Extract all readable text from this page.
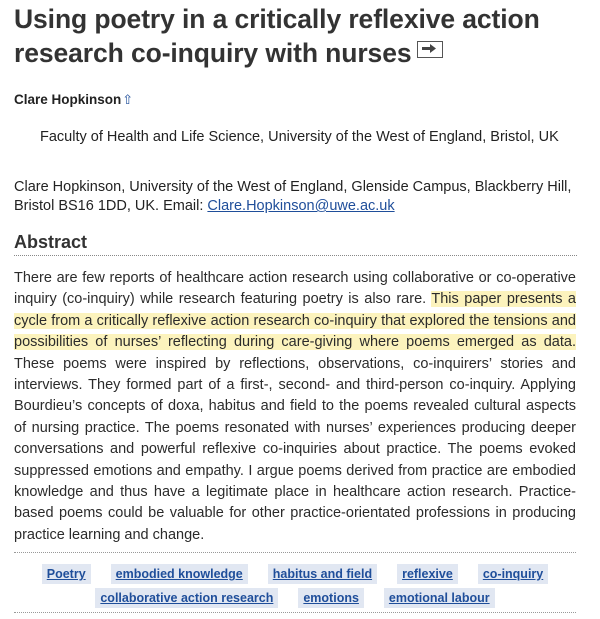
Using poetry in a critically reflexive action research co-inquiry with nurses
Clare Hopkinson⇧
Faculty of Health and Life Science, University of the West of England, Bristol, UK
Clare Hopkinson, University of the West of England, Glenside Campus, Blackberry Hill, Bristol BS16 1DD, UK. Email: Clare.Hopkinson@uwe.ac.uk
Abstract

There are few reports of healthcare action research using collaborative or co-operative inquiry (co-inquiry) while research featuring poetry is also rare. This paper presents a cycle from a critically reflexive action research co-inquiry that explored the tensions and possibilities of nurses’ reflecting during care-giving where poems emerged as data. These poems were inspired by reflections, observations, co-inquirers’ stories and interviews. They formed part of a first-, second- and third-person co-inquiry. Applying Bourdieu’s concepts of doxa, habitus and field to the poems revealed cultural aspects of nursing practice. The poems resonated with nurses’ experiences producing deeper conversations and powerful reflexive co-inquiries about practice. The poems evoked suppressed emotions and empathy. I argue poems derived from practice are embodied knowledge and thus have a legitimate place in healthcare action research. Practice-based poems could be valuable for other practice-orientated professions in producing practice learning and change.

Poetry	embodied knowledge	habitus and field	reflexive	co-inquiry
collaborative action research	emotions	emotional labour
